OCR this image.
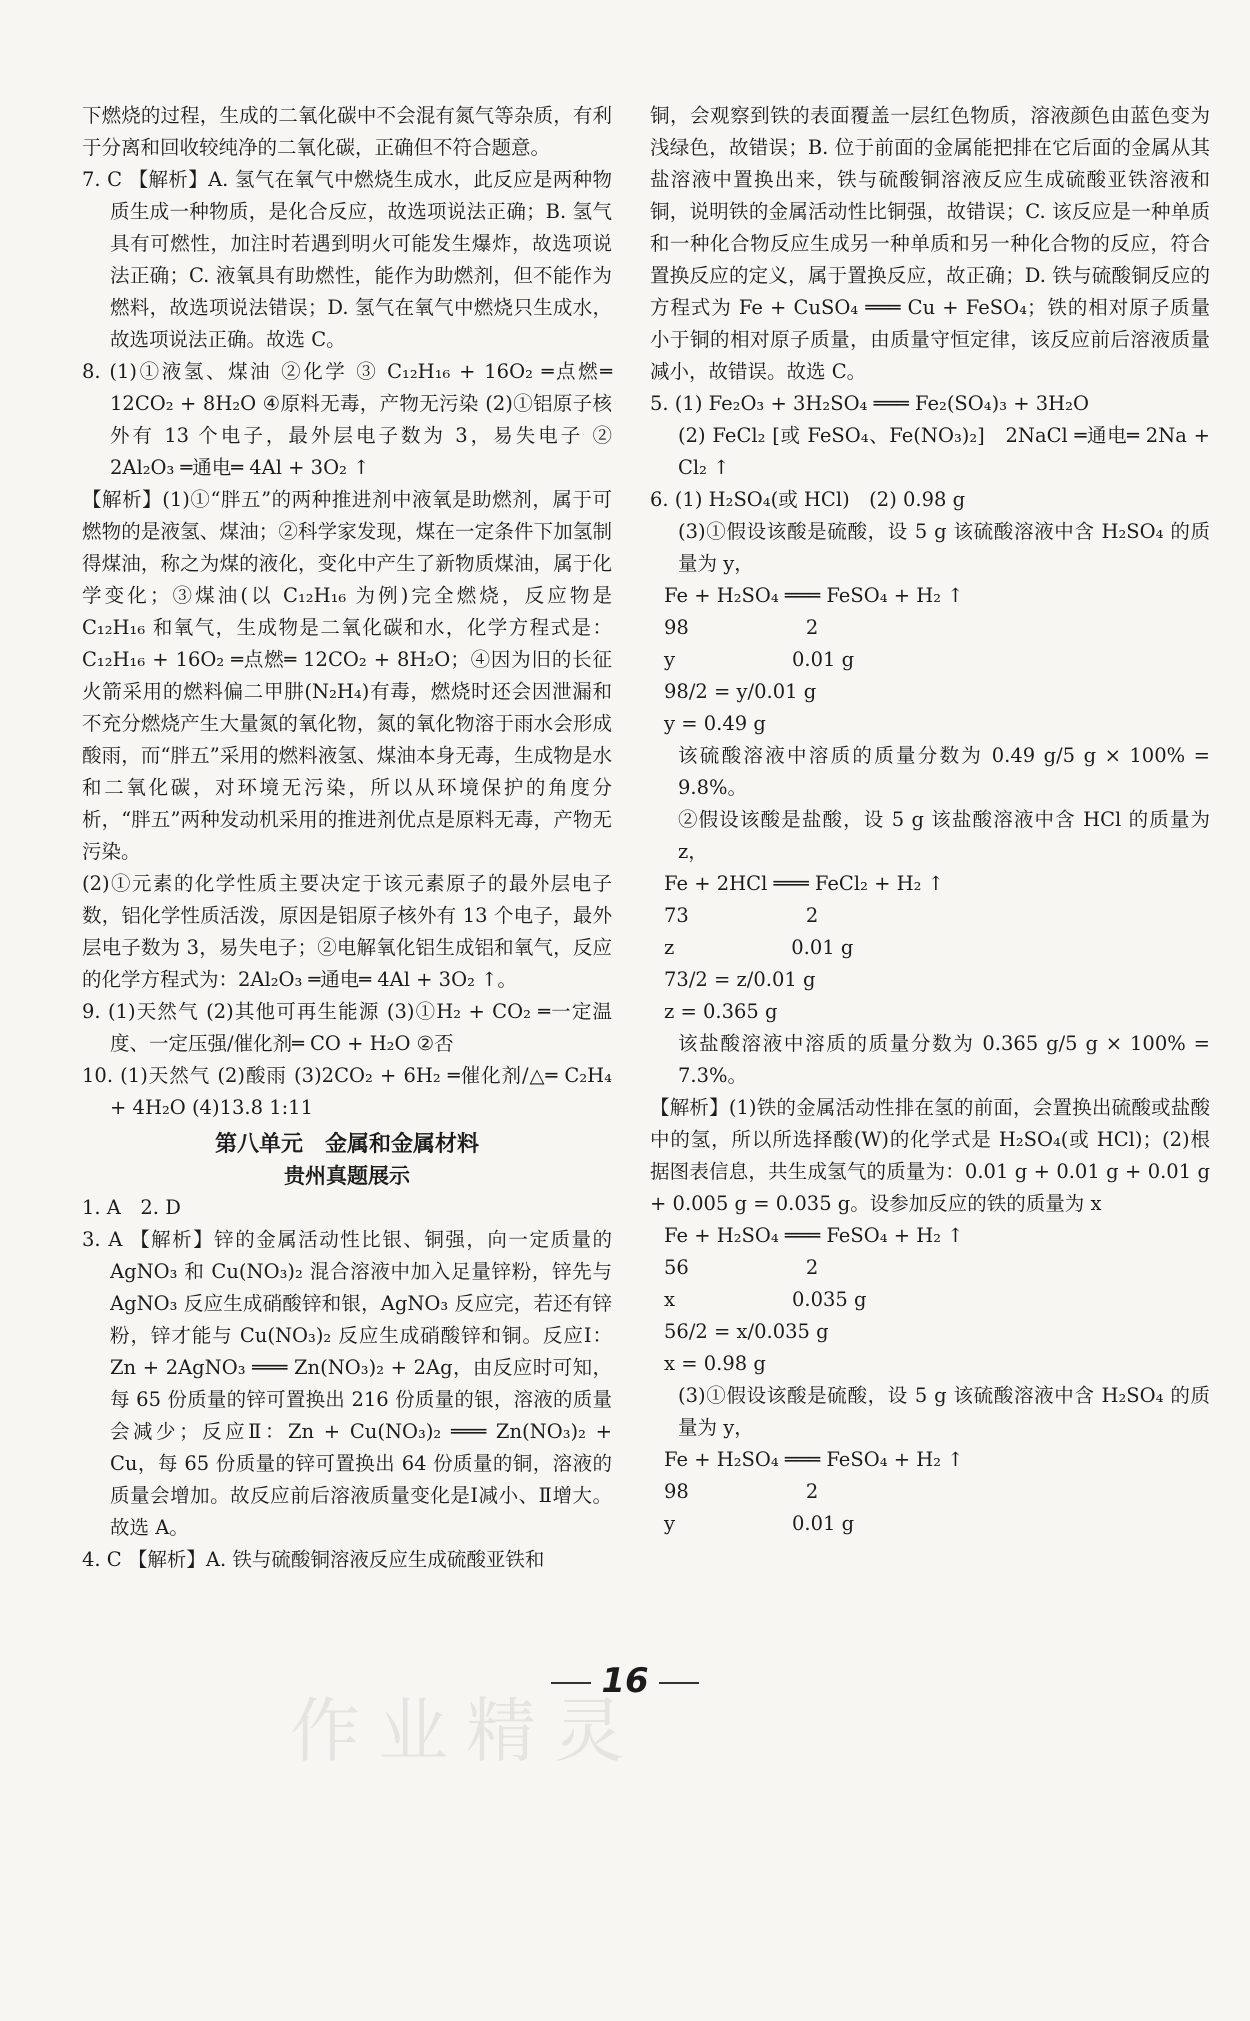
下燃烧的过程，生成的二氧化碳中不会混有氮气等杂质，有利于分离和回收较纯净的二氧化碳，正确但不符合题意。

7. C 【解析】A. 氢气在氧气中燃烧生成水，此反应是两种物质生成一种物质，是化合反应，故选项说法正确；B. 氢气具有可燃性，加注时若遇到明火可能发生爆炸，故选项说法正确；C. 液氧具有助燃性，能作为助燃剂，但不能作为燃料，故选项说法错误；D. 氢气在氧气中燃烧只生成水，故选项说法正确。故选 C。

8. (1)①液氢、煤油 ②化学 ③ C₁₂H₁₆ + 16O₂ ═点燃═ 12CO₂ + 8H₂O ④原料无毒，产物无污染 (2)①铝原子核外有 13 个电子，最外层电子数为 3，易失电子 ② 2Al₂O₃ ═通电═ 4Al + 3O₂ ↑

【解析】(1)①“胖五”的两种推进剂中液氧是助燃剂，属于可燃物的是液氢、煤油；②科学家发现，煤在一定条件下加氢制得煤油，称之为煤的液化，变化中产生了新物质煤油，属于化学变化；③煤油(以 C₁₂H₁₆ 为例)完全燃烧，反应物是 C₁₂H₁₆ 和氧气，生成物是二氧化碳和水，化学方程式是：C₁₂H₁₆ + 16O₂ ═点燃═ 12CO₂ + 8H₂O；④因为旧的长征火箭采用的燃料偏二甲肼(N₂H₄)有毒，燃烧时还会因泄漏和不充分燃烧产生大量氮的氧化物，氮的氧化物溶于雨水会形成酸雨，而“胖五”采用的燃料液氢、煤油本身无毒，生成物是水和二氧化碳，对环境无污染，所以从环境保护的角度分析，“胖五”两种发动机采用的推进剂优点是原料无毒，产物无污染。

(2)①元素的化学性质主要决定于该元素原子的最外层电子数，铝化学性质活泼，原因是铝原子核外有 13 个电子，最外层电子数为 3，易失电子；②电解氧化铝生成铝和氧气，反应的化学方程式为：2Al₂O₃ ═通电═ 4Al + 3O₂ ↑。

9. (1)天然气 (2)其他可再生能源 (3)①H₂ + CO₂ ═一定温度、一定压强/催化剂═ CO + H₂O ②否

10. (1)天然气 (2)酸雨 (3)2CO₂ + 6H₂ ═催化剂/△═ C₂H₄ + 4H₂O (4)13.8 1:11

第八单元　金属和金属材料
贵州真题展示

1. A　2. D

3. A 【解析】锌的金属活动性比银、铜强，向一定质量的 AgNO₃ 和 Cu(NO₃)₂ 混合溶液中加入足量锌粉，锌先与 AgNO₃ 反应生成硝酸锌和银，AgNO₃ 反应完，若还有锌粉，锌才能与 Cu(NO₃)₂ 反应生成硝酸锌和铜。反应Ⅰ：Zn + 2AgNO₃ ═══ Zn(NO₃)₂ + 2Ag，由反应时可知，每 65 份质量的锌可置换出 216 份质量的银，溶液的质量会减少；反应Ⅱ：Zn + Cu(NO₃)₂ ═══ Zn(NO₃)₂ + Cu，每 65 份质量的锌可置换出 64 份质量的铜，溶液的质量会增加。故反应前后溶液质量变化是Ⅰ减小、Ⅱ增大。故选 A。

4. C 【解析】A. 铁与硫酸铜溶液反应生成硫酸亚铁和

铜，会观察到铁的表面覆盖一层红色物质，溶液颜色由蓝色变为浅绿色，故错误；B. 位于前面的金属能把排在它后面的金属从其盐溶液中置换出来，铁与硫酸铜溶液反应生成硫酸亚铁溶液和铜，说明铁的金属活动性比铜强，故错误；C. 该反应是一种单质和一种化合物反应生成另一种单质和另一种化合物的反应，符合置换反应的定义，属于置换反应，故正确；D. 铁与硫酸铜反应的方程式为 Fe + CuSO₄ ═══ Cu + FeSO₄；铁的相对原子质量小于铜的相对原子质量，由质量守恒定律，该反应前后溶液质量减小，故错误。故选 C。

5. (1) Fe₂O₃ + 3H₂SO₄ ═══ Fe₂(SO₄)₃ + 3H₂O

(2) FeCl₂ [或 FeSO₄、Fe(NO₃)₂]　2NaCl ═通电═ 2Na + Cl₂ ↑

6. (1) H₂SO₄(或 HCl)　(2) 0.98 g

(3)①假设该酸是硫酸，设 5 g 该硫酸溶液中含 H₂SO₄ 的质量为 y，

Fe + H₂SO₄ ═══ FeSO₄ + H₂ ↑

98　　　　　　2

y　　　　　　0.01 g

98/2 = y/0.01 g

y = 0.49 g

该硫酸溶液中溶质的质量分数为 0.49 g/5 g × 100% = 9.8%。

②假设该酸是盐酸，设 5 g 该盐酸溶液中含 HCl 的质量为 z，

Fe + 2HCl ═══ FeCl₂ + H₂ ↑

73　　　　　　2

z　　　　　　0.01 g

73/2 = z/0.01 g

z = 0.365 g

该盐酸溶液中溶质的质量分数为 0.365 g/5 g × 100% = 7.3%。

【解析】(1)铁的金属活动性排在氢的前面，会置换出硫酸或盐酸中的氢，所以所选择酸(W)的化学式是 H₂SO₄(或 HCl)；(2)根据图表信息，共生成氢气的质量为：0.01 g + 0.01 g + 0.01 g + 0.005 g = 0.035 g。设参加反应的铁的质量为 x

Fe + H₂SO₄ ═══ FeSO₄ + H₂ ↑

56　　　　　　2

x　　　　　　0.035 g

56/2 = x/0.035 g

x = 0.98 g

(3)①假设该酸是硫酸，设 5 g 该硫酸溶液中含 H₂SO₄ 的质量为 y，

Fe + H₂SO₄ ═══ FeSO₄ + H₂ ↑

98　　　　　　2

y　　　　　　0.01 g

16
作业精灵
